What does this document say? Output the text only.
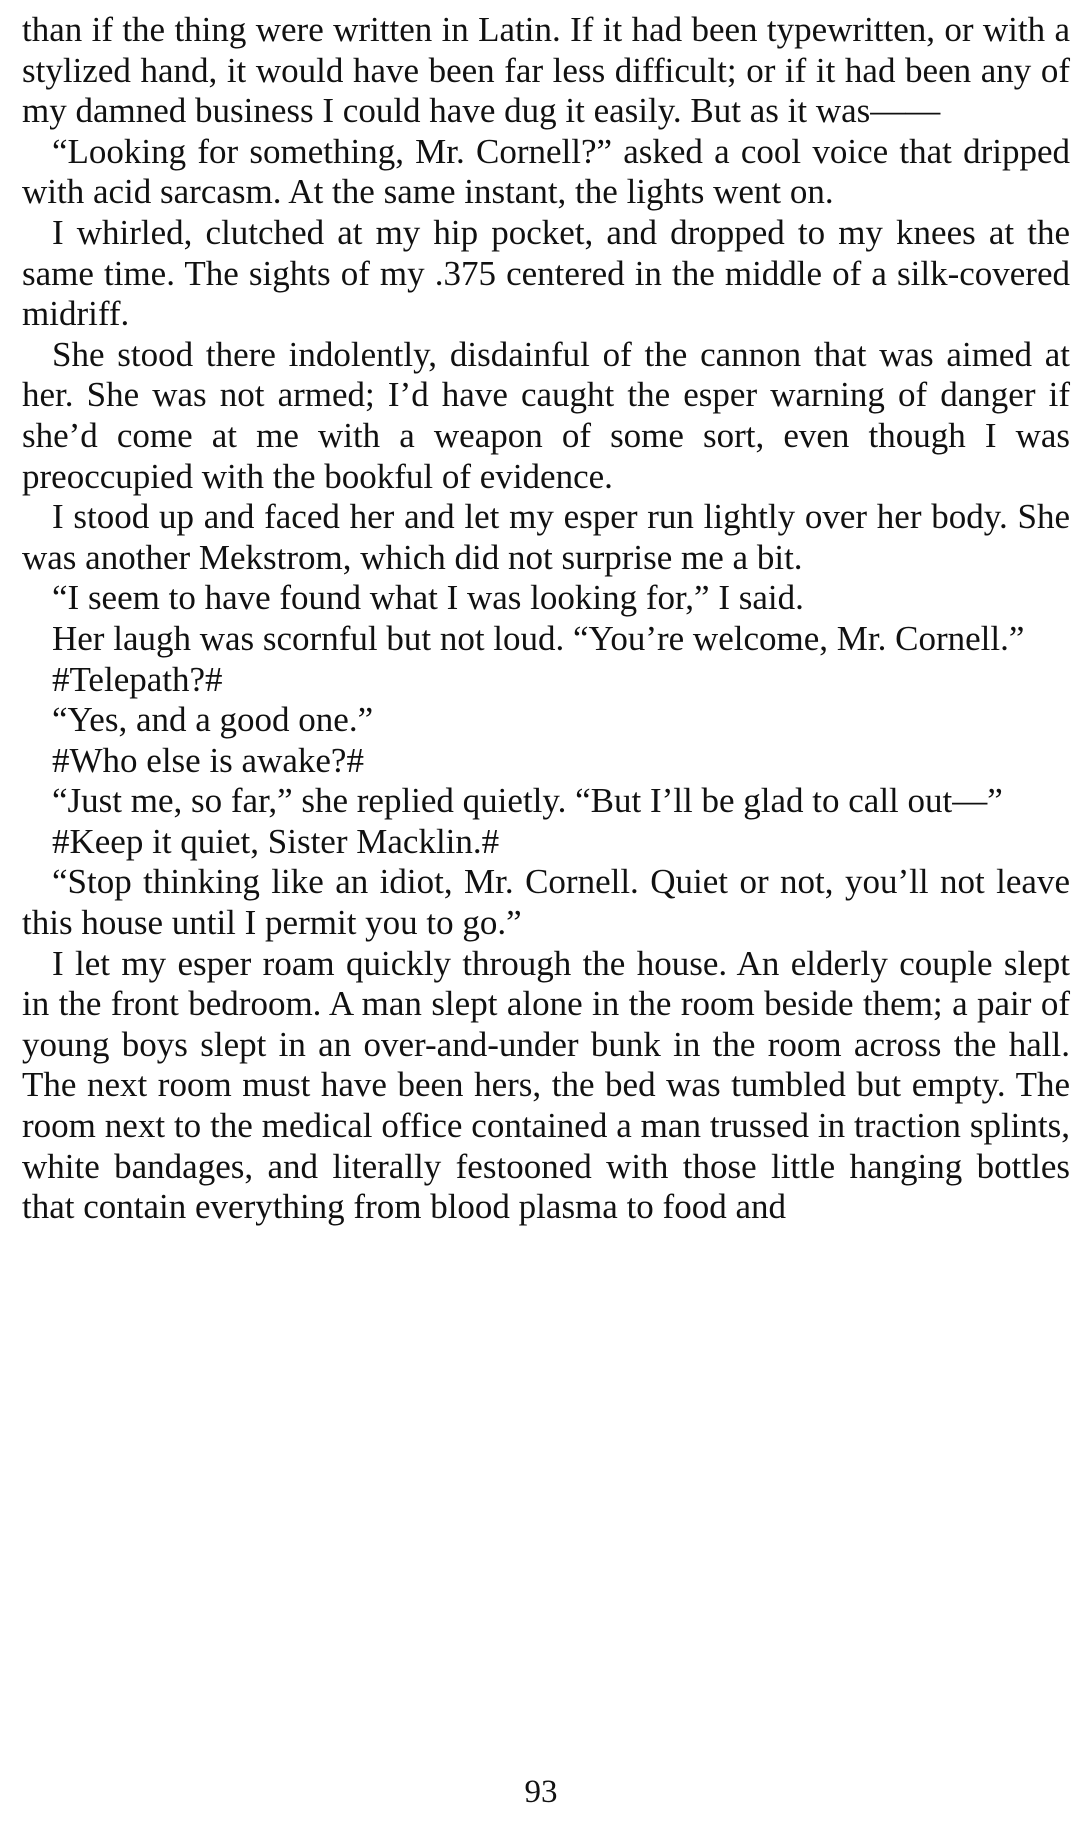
than if the thing were written in Latin. If it had been typewritten, or with a stylized hand, it would have been far less difficult; or if it had been any of my damned business I could have dug it easily. But as it was——

“Looking for something, Mr. Cornell?” asked a cool voice that dripped with acid sarcasm. At the same instant, the lights went on.

I whirled, clutched at my hip pocket, and dropped to my knees at the same time. The sights of my .375 centered in the middle of a silk-covered midriff.

She stood there indolently, disdainful of the cannon that was aimed at her. She was not armed; I’d have caught the esper warning of danger if she’d come at me with a weapon of some sort, even though I was preoccupied with the bookful of evidence.

I stood up and faced her and let my esper run lightly over her body. She was another Mekstrom, which did not surprise me a bit.

“I seem to have found what I was looking for,” I said.

Her laugh was scornful but not loud. “You’re welcome, Mr. Cornell.”

#Telepath?#

“Yes, and a good one.”

#Who else is awake?#

“Just me, so far,” she replied quietly. “But I’ll be glad to call out—”

#Keep it quiet, Sister Macklin.#

“Stop thinking like an idiot, Mr. Cornell. Quiet or not, you’ll not leave this house until I permit you to go.”

I let my esper roam quickly through the house. An elderly couple slept in the front bedroom. A man slept alone in the room beside them; a pair of young boys slept in an over-and-under bunk in the room across the hall. The next room must have been hers, the bed was tumbled but empty. The room next to the medical office contained a man trussed in traction splints, white bandages, and literally festooned with those little hanging bottles that contain everything from blood plasma to food and

93
